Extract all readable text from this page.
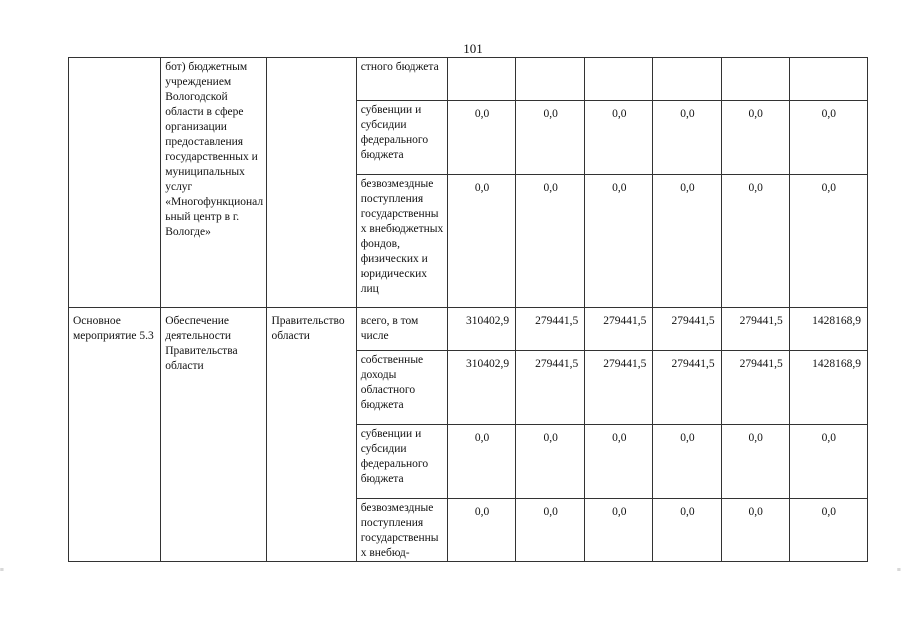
101
	бот) бюджетным учреждением Вологодской области в сфере организации предоставления государственных и муниципальных услуг «Многофункциональный центр в г. Вологде»		стного бюджета						
			субвенции и субсидии федерального бюджета	0,0	0,0	0,0	0,0	0,0	0,0
			безвозмездные поступления государственных внебюджетных фондов, физических и юридических лиц	0,0	0,0	0,0	0,0	0,0	0,0
Основное мероприятие 5.3	Обеспечение деятельности Правительства области	Правительство области	всего, в том числе	310402,9	279441,5	279441,5	279441,5	279441,5	1428168,9
			собственные доходы областного бюджета	310402,9	279441,5	279441,5	279441,5	279441,5	1428168,9
			субвенции и субсидии федерального бюджета	0,0	0,0	0,0	0,0	0,0	0,0
			безвозмездные поступления государственных внебюд-	0,0	0,0	0,0	0,0	0,0	0,0
≡	≡
